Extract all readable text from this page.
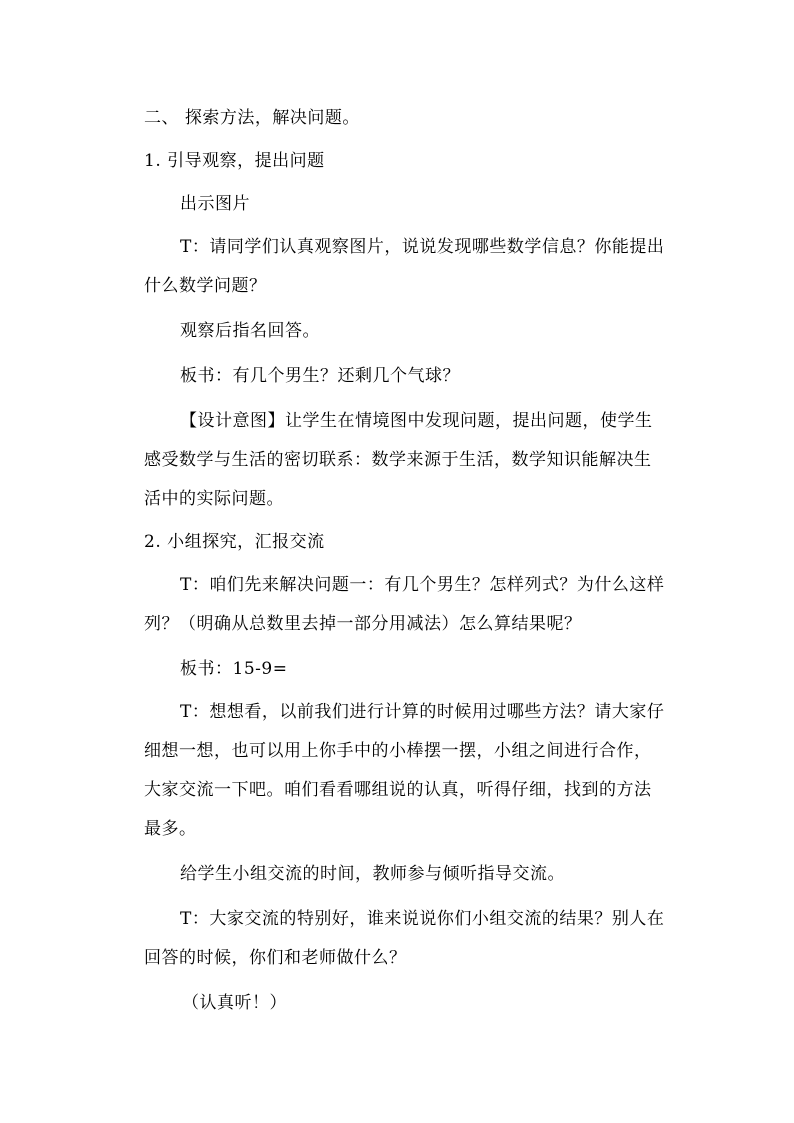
二、 探索方法，解决问题。
1. 引导观察，提出问题
出示图片
T：请同学们认真观察图片，说说发现哪些数学信息？你能提出
什么数学问题？
观察后指名回答。
板书：有几个男生？还剩几个气球？
【设计意图】让学生在情境图中发现问题，提出问题，使学生
感受数学与生活的密切联系：数学来源于生活，数学知识能解决生
活中的实际问题。
2. 小组探究，汇报交流
T：咱们先来解决问题一：有几个男生？怎样列式？为什么这样
列？（明确从总数里去掉一部分用减法）怎么算结果呢？
板书：15-9=
T：想想看，以前我们进行计算的时候用过哪些方法？请大家仔
细想一想，也可以用上你手中的小棒摆一摆，小组之间进行合作，
大家交流一下吧。咱们看看哪组说的认真，听得仔细，找到的方法
最多。
给学生小组交流的时间，教师参与倾听指导交流。
T：大家交流的特别好，谁来说说你们小组交流的结果？别人在
回答的时候，你们和老师做什么？
（认真听！）
